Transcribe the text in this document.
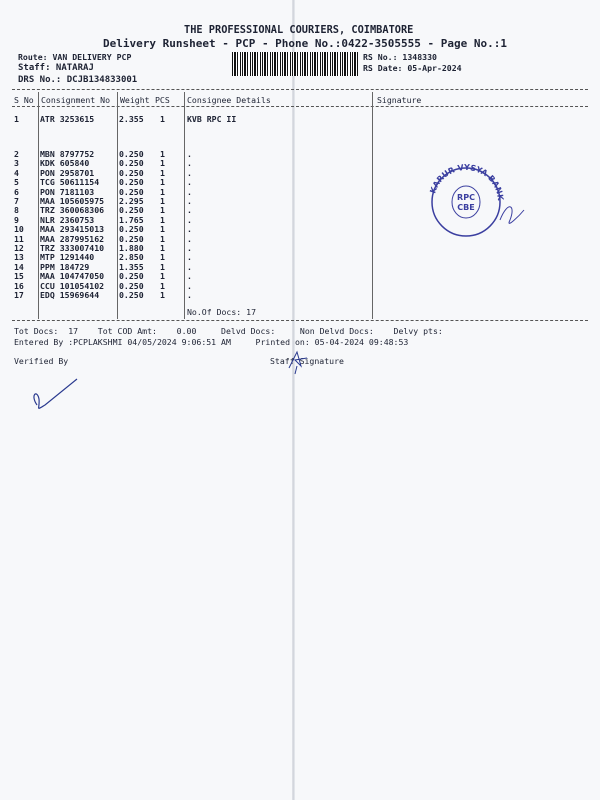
THE PROFESSIONAL COURIERS, COIMBATORE
Delivery Runsheet - PCP - Phone No.:0422-3505555 - Page No.:1
Route: VAN DELIVERY PCP
Staff: NATARAJ
DRS No.: DCJB134833001
RS No.: 1348330
RS Date: 05-Apr-2024
S No Consignment No Weight PCS Consignee Details	Signature
1	ATR 3253615	2.355 1	KVB RPC II
2	MBN 8797752	0.250 1	.
3	KDK 605840	0.250 1	.
4	PON 2958701	0.250 1	.
5	TCG 50611154 0.250 1	.
6	PON 7181103	0.250 1	.
7	MAA 105605975 2.295 1	.
8	TRZ 360068306 0.250 1	.
9	NLR 2360753	1.765 1	.
10 MAA 293415013 0.250 1	.
11 MAA 287995162 0.250 1	.
12 TRZ 333007410 1.880 1	.
13 MTP 1291440	2.850 1	.
14 PPM 184729	1.355 1	.
15 MAA 104747050 0.250 1	.
16 CCU 101054102 0.250 1	.
17 EDQ 15969644 0.250 1	.
No.Of Docs: 17
Tot Docs:  17    Tot COD Amt:    0.00     Delvd Docs:     Non Delvd Docs:    Delvy pts:
Entered By :PCPLAKSHMI 04/05/2024 9:06:51 AM     Printed on: 05-04-2024 09:48:53
Verified By	Staff Signature
KARUR VYSYA BANK
RPC
CBE
